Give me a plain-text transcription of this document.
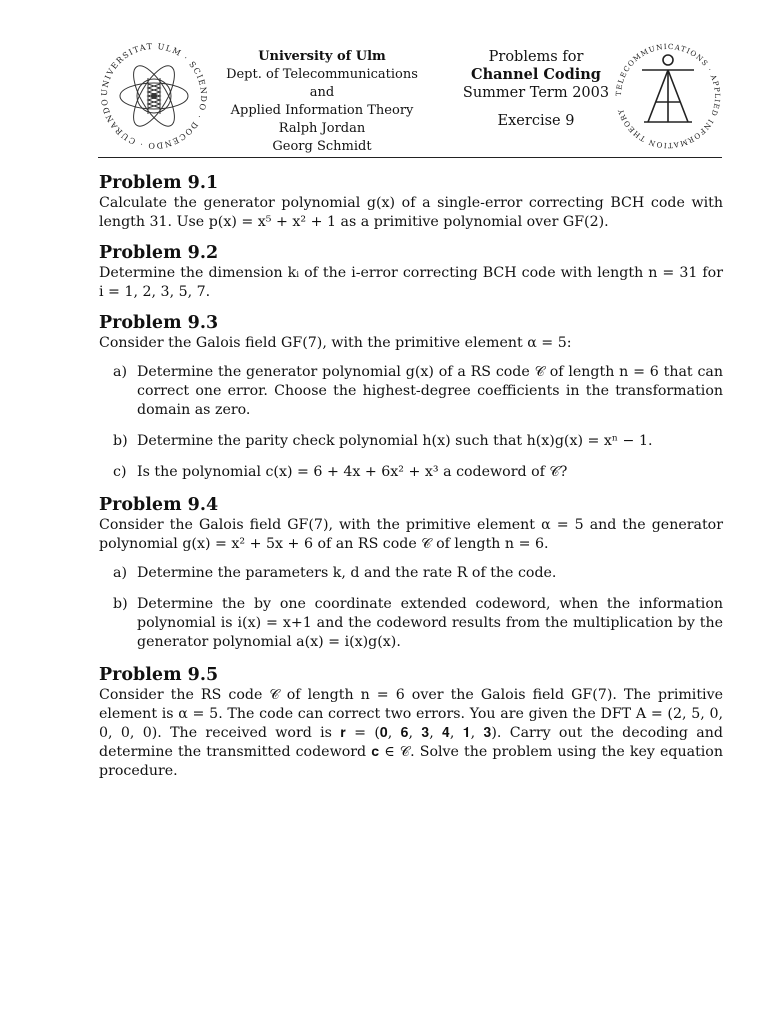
UNIVERSITAT ULM · SCIENDO · DOCENDO · CURANDO
University of Ulm
Dept. of Telecommunications and
Applied Information Theory
Ralph Jordan
Georg Schmidt
Problems for
Channel Coding
Summer Term 2003
Exercise 9
TELECOMMUNICATIONS · APPLIED INFORMATION THEORY
Problem 9.1
Calculate the generator polynomial g(x) of a single-error correcting BCH code with length 31. Use p(x) = x⁵ + x² + 1 as a primitive polynomial over GF(2).
Problem 9.2
Determine the dimension kᵢ of the i-error correcting BCH code with length n = 31 for i = 1, 2, 3, 5, 7.
Problem 9.3
Consider the Galois field GF(7), with the primitive element α = 5:
a) Determine the generator polynomial g(x) of a RS code 𝒞 of length n = 6 that can correct one error. Choose the highest-degree coefficients in the transformation domain as zero.
b) Determine the parity check polynomial h(x) such that h(x)g(x) = xⁿ − 1.
c) Is the polynomial c(x) = 6 + 4x + 6x² + x³ a codeword of 𝒞?
Problem 9.4
Consider the Galois field GF(7), with the primitive element α = 5 and the generator polynomial g(x) = x² + 5x + 6 of an RS code 𝒞 of length n = 6.
a) Determine the parameters k, d and the rate R of the code.
b) Determine the by one coordinate extended codeword, when the information polynomial is i(x) = x+1 and the codeword results from the multiplication by the generator polynomial a(x) = i(x)g(x).
Problem 9.5
Consider the RS code 𝒞 of length n = 6 over the Galois field GF(7). The primitive element is α = 5. The code can correct two errors. You are given the DFT A = (2, 5, 0, 0, 0, 0). The received word is 𝐫 = (𝟎, 𝟔, 𝟑, 𝟒, 𝟏, 𝟑). Carry out the decoding and determine the transmitted codeword 𝐜 ∈ 𝒞. Solve the problem using the key equation procedure.
